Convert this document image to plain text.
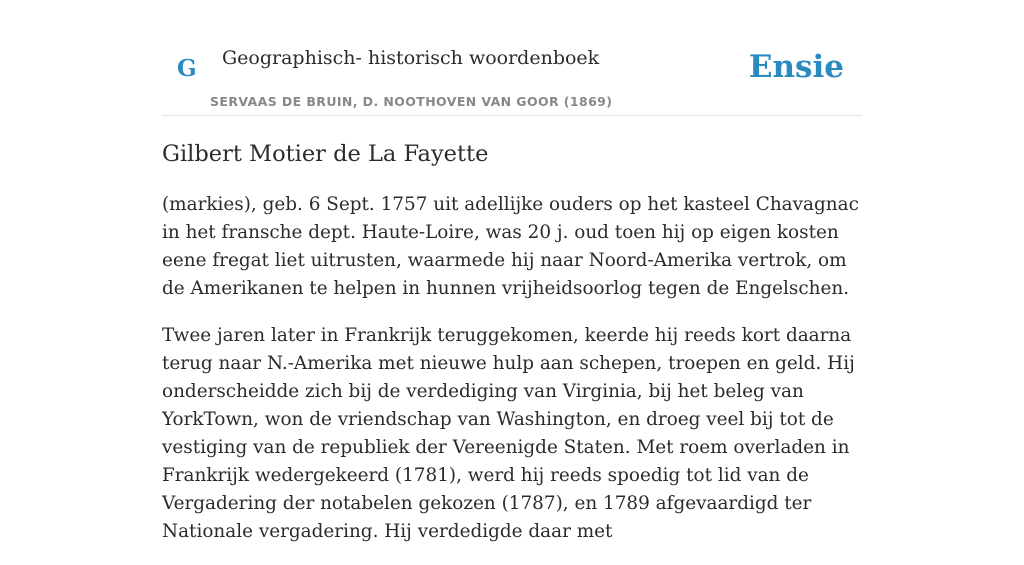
G Geographisch- historisch woordenboek
SERVAAS DE BRUIN, D. NOOTHOVEN VAN GOOR (1869)
Ensie
Gilbert Motier de La Fayette

(markies), geb. 6 Sept. 1757 uit adellijke ouders op het kasteel Chavagnac in het fransche dept. Haute-Loire, was 20 j. oud toen hij op eigen kosten eene fregat liet uitrusten, waarmede hij naar Noord-Amerika vertrok, om de Amerikanen te helpen in hunnen vrijheidsoorlog tegen de Engelschen.

Twee jaren later in Frankrijk teruggekomen, keerde hij reeds kort daarna terug naar N.-Amerika met nieuwe hulp aan schepen, troepen en geld. Hij onderscheidde zich bij de verdediging van Virginia, bij het beleg van YorkTown, won de vriendschap van Washington, en droeg veel bij tot de vestiging van de republiek der Vereenigde Staten. Met roem overladen in Frankrijk wedergekeerd (1781), werd hij reeds spoedig tot lid van de Vergadering der notabelen gekozen (1787), en 1789 afgevaardigd ter Nationale vergadering. Hij verdedigde daar met
